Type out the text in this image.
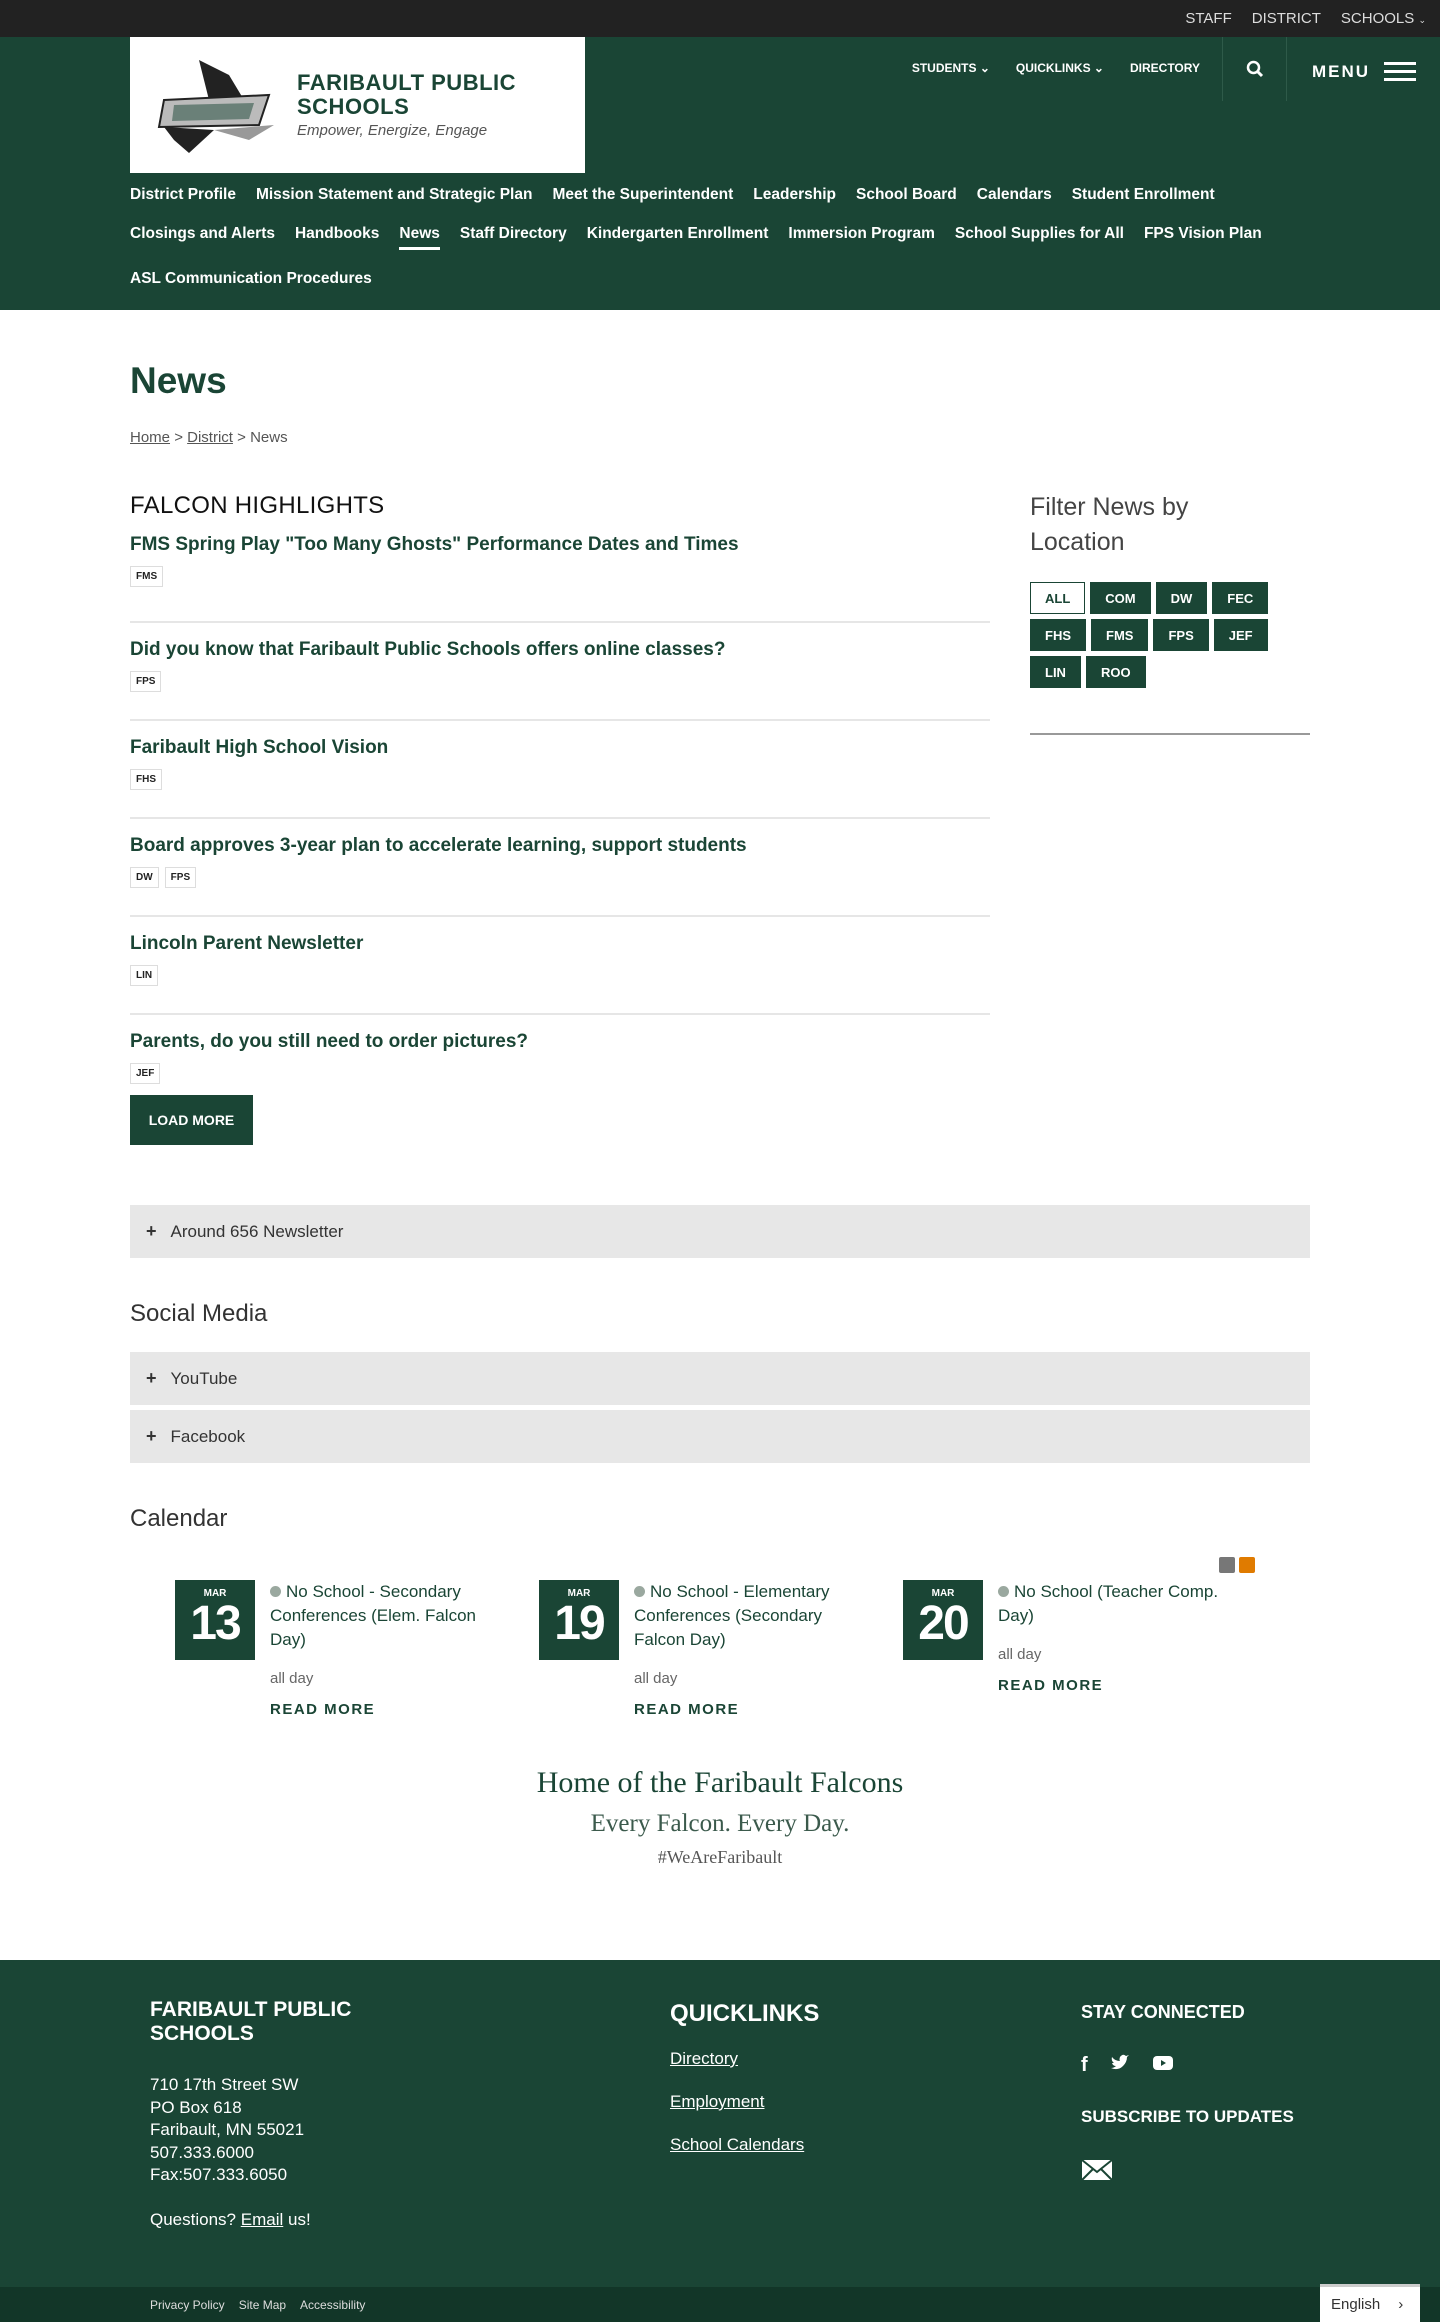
STAFF DISTRICT SCHOOLS ⌄
FARIBAULT PUBLIC SCHOOLS
Empower, Energize, Engage
STUDENTS ⌄ QUICKLINKS ⌄ DIRECTORY	MENU
District Profile Mission Statement and Strategic Plan Meet the Superintendent Leadership School Board Calendars Student Enrollment
Closings and Alerts Handbooks News Staff Directory Kindergarten Enrollment Immersion Program School Supplies for All FPS Vision Plan
ASL Communication Procedures
News
Home > District > News
FALCON HIGHLIGHTS
FMS Spring Play "Too Many Ghosts" Performance Dates and Times
FMS
Did you know that Faribault Public Schools offers online classes?
FPS
Faribault High School Vision
FHS
Board approves 3-year plan to accelerate learning, support students
DW	FPS
Lincoln Parent Newsletter
LIN
Parents, do you still need to order pictures?
JEF
LOAD MORE
Filter News by Location
ALL	COM	DW	FEC
FHS	FMS	FPS	JEF
LIN	ROO
+ Around 656 Newsletter
Social Media
+ YouTube
+ Facebook
Calendar
MAR
13
No School - Secondary Conferences (Elem. Falcon Day)
all day
READ MORE
MAR
19
No School - Elementary Conferences (Secondary Falcon Day)
all day
READ MORE
MAR
20
No School (Teacher Comp. Day)
all day
READ MORE
Home of the Faribault Falcons
Every Falcon. Every Day.
#WeAreFaribault
FARIBAULT PUBLIC SCHOOLS
710 17th Street SW
PO Box 618
Faribault, MN 55021
507.333.6000
Fax:507.333.6050
Questions? Email us!
QUICKLINKS
Directory
Employment
School Calendars
STAY CONNECTED
f
SUBSCRIBE TO UPDATES
Privacy Policy Site Map Accessibility	English ›
